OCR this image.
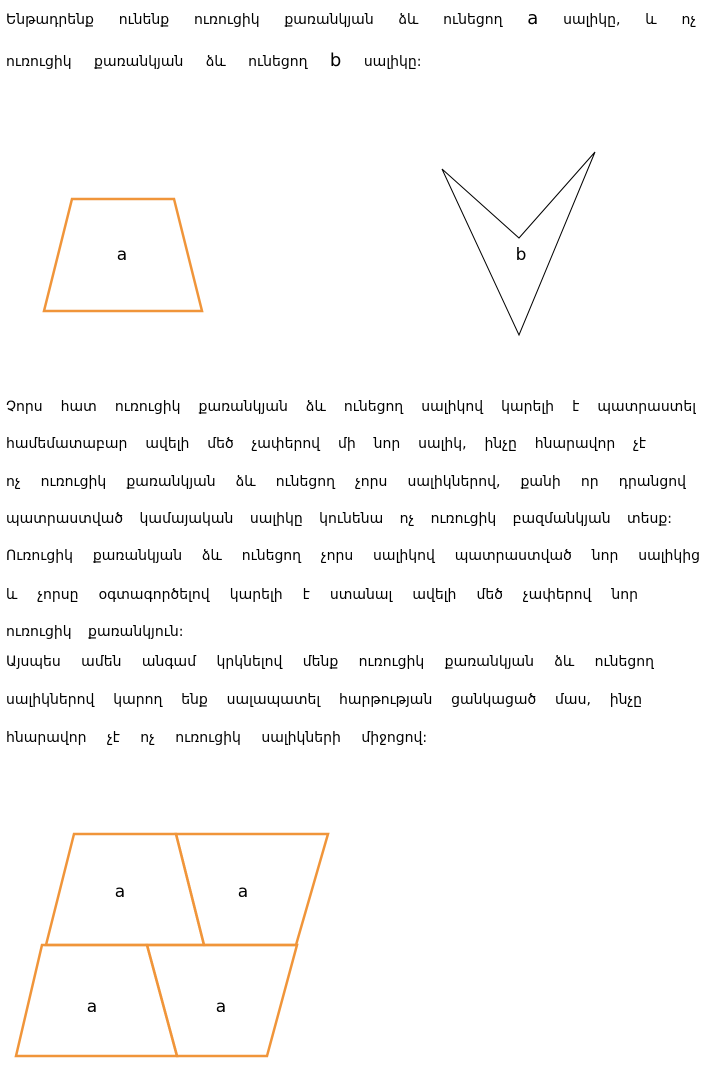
Ենթադրենք ունենք ուռուցիկ քառանկյան ձև ունեցող a սալիկը, և ոչ
ուռուցիկ քառանկյան ձև ունեցող b սալիկը:
a	b
Չորս հատ ուռուցիկ քառանկյան ձև ունեցող սալիկով կարելի է պատրաստել
համեմատաբար ավելի մեծ չափերով մի նոր սալիկ, ինչը հնարավոր չէ
ոչ ուռուցիկ քառանկյան ձև ունեցող չորս սալիկներով, քանի որ դրանցով
պատրաստված կամայական սալիկը կունենա ոչ ուռուցիկ բազմանկյան տեսք:
Ուռուցիկ քառանկյան ձև ունեցող չորս սալիկով պատրաստված նոր սալիկից
և չորսը օգտագործելով կարելի է ստանալ ավելի մեծ չափերով նոր
ուռուցիկ քառանկյուն:
Այսպես ամեն անգամ կրկնելով մենք ուռուցիկ քառանկյան ձև ունեցող
սալիկներով կարող ենք սալապատել հարթության ցանկացած մաս, ինչը
հնարավոր չէ ոչ ուռուցիկ սալիկների միջոցով:
a	a
a	a
